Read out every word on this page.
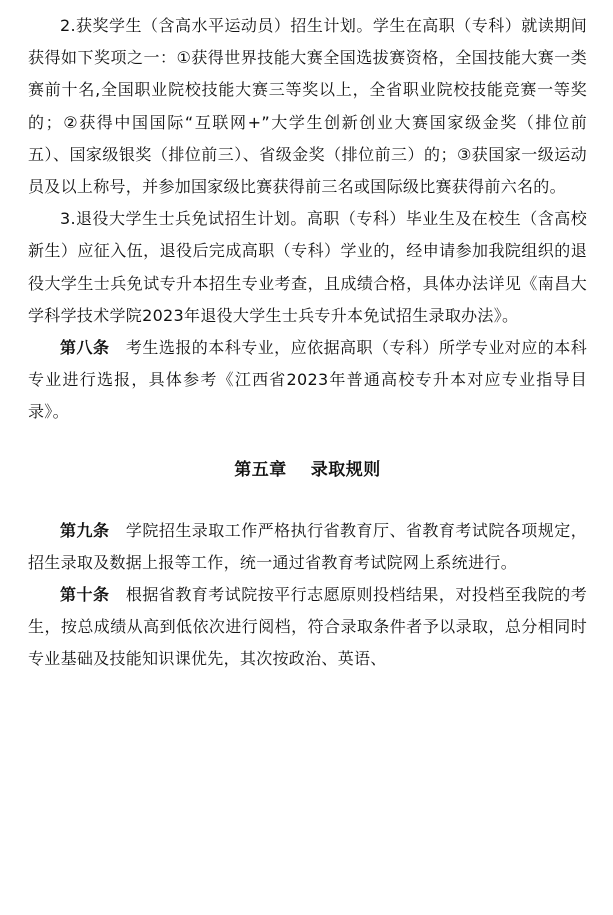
2.获奖学生（含高水平运动员）招生计划。学生在高职（专科）就读期间获得如下奖项之一：①获得世界技能大赛全国选拔赛资格，全国技能大赛一类赛前十名,全国职业院校技能大赛三等奖以上，全省职业院校技能竞赛一等奖的；②获得中国国际“互联网+”大学生创新创业大赛国家级金奖（排位前五）、国家级银奖（排位前三）、省级金奖（排位前三）的；③获国家一级运动员及以上称号，并参加国家级比赛获得前三名或国际级比赛获得前六名的。

3.退役大学生士兵免试招生计划。高职（专科）毕业生及在校生（含高校新生）应征入伍，退役后完成高职（专科）学业的，经申请参加我院组织的退役大学生士兵免试专升本招生专业考查，且成绩合格，具体办法详见《南昌大学科学技术学院2023年退役大学生士兵专升本免试招生录取办法》。

第八条　 考生选报的本科专业，应依据高职（专科）所学专业对应的本科专业进行选报，具体参考《江西省2023年普通高校专升本对应专业指导目录》。

第五章　 录取规则

第九条　 学院招生录取工作严格执行省教育厅、省教育考试院各项规定，招生录取及数据上报等工作，统一通过省教育考试院网上系统进行。

第十条　 根据省教育考试院按平行志愿原则投档结果，对投档至我院的考生，按总成绩从高到低依次进行阅档，符合录取条件者予以录取，总分相同时专业基础及技能知识课优先，其次按政治、英语、
